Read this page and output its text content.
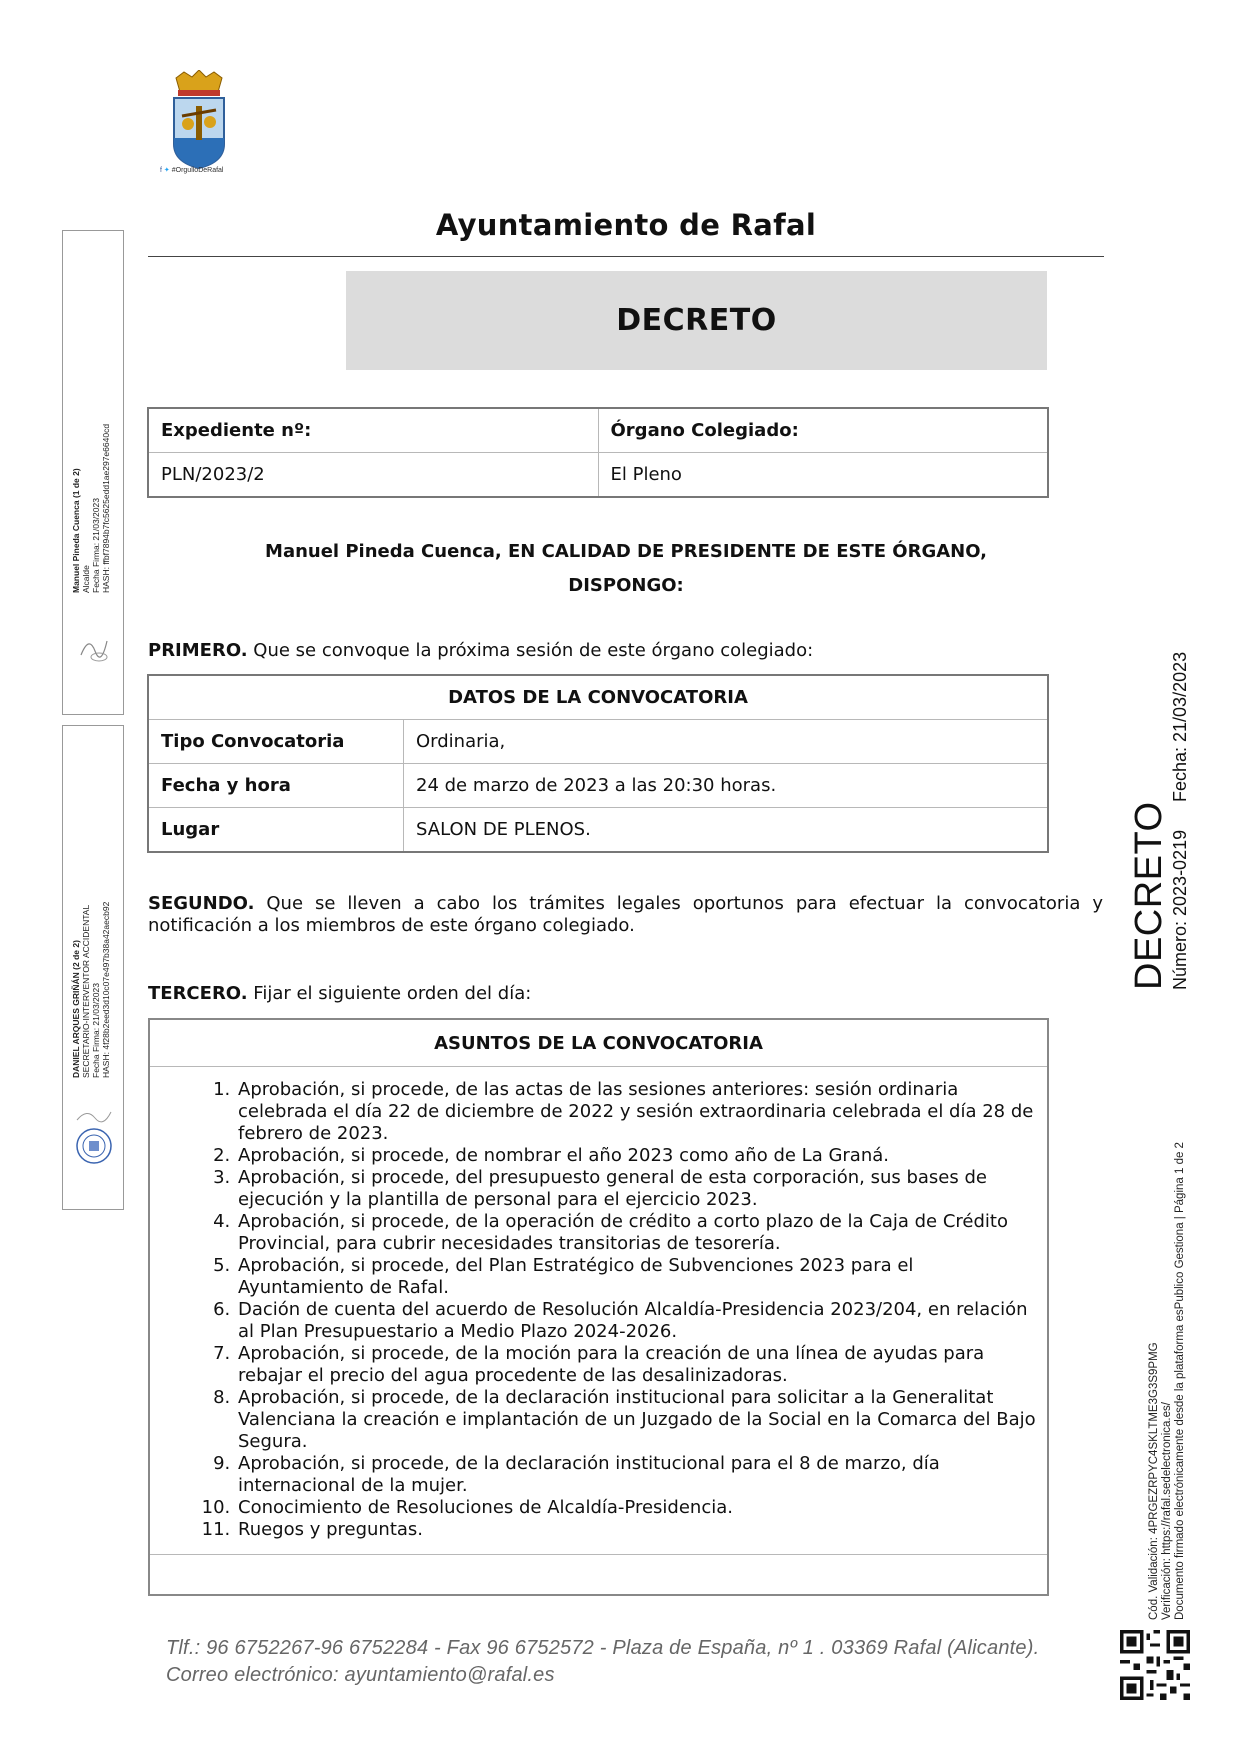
f ✦ #OrgulloDeRafal
Ayuntamiento de Rafal
DECRETO
Expediente nº:	Órgano Colegiado:
PLN/2023/2	El Pleno
Manuel Pineda Cuenca, EN CALIDAD DE PRESIDENTE DE ESTE ÓRGANO,
DISPONGO:
PRIMERO. Que se convoque la próxima sesión de este órgano colegiado:
DATOS DE LA CONVOCATORIA	
Tipo Convocatoria	Ordinaria,
Fecha y hora	24 de marzo de 2023 a las 20:30 horas.
Lugar	SALON DE PLENOS.
SEGUNDO. Que se lleven a cabo los trámites legales oportunos para efectuar la convocatoria y notificación a los miembros de este órgano colegiado.
TERCERO. Fijar el siguiente orden del día:
ASUNTOS DE LA CONVOCATORIA
1. Aprobación, si procede, de las actas de las sesiones anteriores: sesión ordinaria celebrada el día 22 de diciembre de 2022 y sesión extraordinaria celebrada el día 28 de febrero de 2023.
2. Aprobación, si procede, de nombrar el año 2023 como año de La Graná.
3. Aprobación, si procede, del presupuesto general de esta corporación, sus bases de ejecución y la plantilla de personal para el ejercicio 2023.
4. Aprobación, si procede, de la operación de crédito a corto plazo de la Caja de Crédito Provincial, para cubrir necesidades transitorias de tesorería.
5. Aprobación, si procede, del Plan Estratégico de Subvenciones 2023 para el Ayuntamiento de Rafal.
6. Dación de cuenta del acuerdo de Resolución Alcaldía-Presidencia 2023/204, en relación al Plan Presupuestario a Medio Plazo 2024-2026.
7. Aprobación, si procede, de la moción para la creación de una línea de ayudas para rebajar el precio del agua procedente de las desalinizadoras.
8. Aprobación, si procede, de la declaración institucional para solicitar a la Generalitat Valenciana la creación e implantación de un Juzgado de la Social en la Comarca del Bajo Segura.
9. Aprobación, si procede, de la declaración institucional para el 8 de marzo, día internacional de la mujer.
10. Conocimiento de Resoluciones de Alcaldía-Presidencia.
11. Ruegos y preguntas.
Tlf.: 96 6752267-96 6752284 - Fax 96 6752572 - Plaza de España, nº 1 . 03369 Rafal (Alicante).
Correo electrónico: ayuntamiento@rafal.es
Manuel Pineda Cuenca (1 de 2) Alcalde Fecha Firma: 21/03/2023 HASH: ffbf7894b7fc5625edd1ae297e6640cd
DANIEL ARQUES GRIÑÁN (2 de 2) SECRETARIO-INTERVENTOR ACCIDENTAL Fecha Firma: 21/03/2023 HASH: 4f28b2eed3d10c07e497b38a42aecb92	DECRETO Número: 2023-0219
Fecha: 21/03/2023
Cód. Validación: 4PRGEZRPYC4SKLTME3G3S9PMG Verificación: https://rafal.sedelectronica.es/ Documento firmado electrónicamente desde la plataforma esPublico Gestiona | Página 1 de 2
